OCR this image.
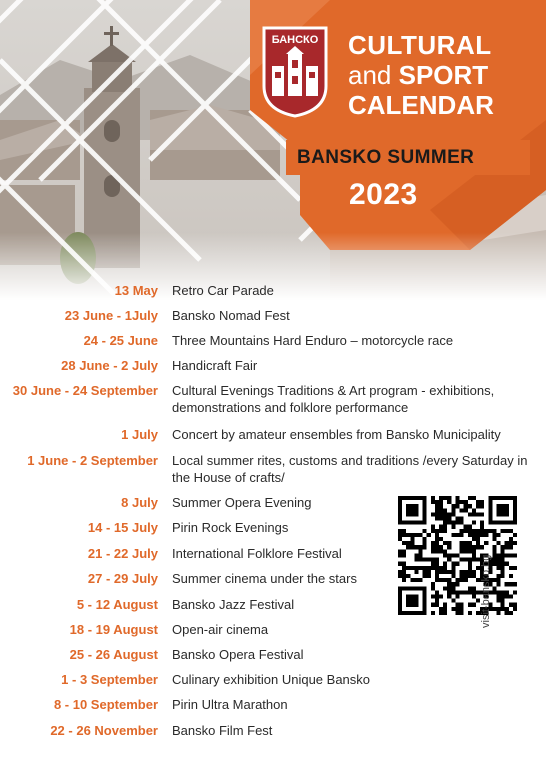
БАНСКО CULTURAL
and SPORT
CALENDAR
BANSKO SUMMER
2023
13 May Retro Car Parade
23 June - 1July Bansko Nomad Fest
24 - 25 June Three Mountains Hard Enduro – motorcycle race
28 June - 2 July Handicraft Fair
30 June - 24 September Cultural Evenings Traditions & Art program - exhibitions, demonstrations and folklore performance
1 July Concert by amateur ensembles from Bansko Municipality
1 June - 2 September Local summer rites, customs and traditions /every Saturday in the House of crafts/
8 July Summer Opera Evening
14 - 15 July Pirin Rock Evenings
21 - 22 July International Folklore Festival
27 - 29 July Summer cinema under the stars
5 - 12 August Bansko Jazz Festival
18 - 19 August Open-air cinema
25 - 26 August Bansko Opera Festival
1 - 3 September Culinary exhibition Unique Bansko
8 - 10 September Pirin Ultra Marathon
22 - 26 November Bansko Film Fest
visit-bansko.bg
